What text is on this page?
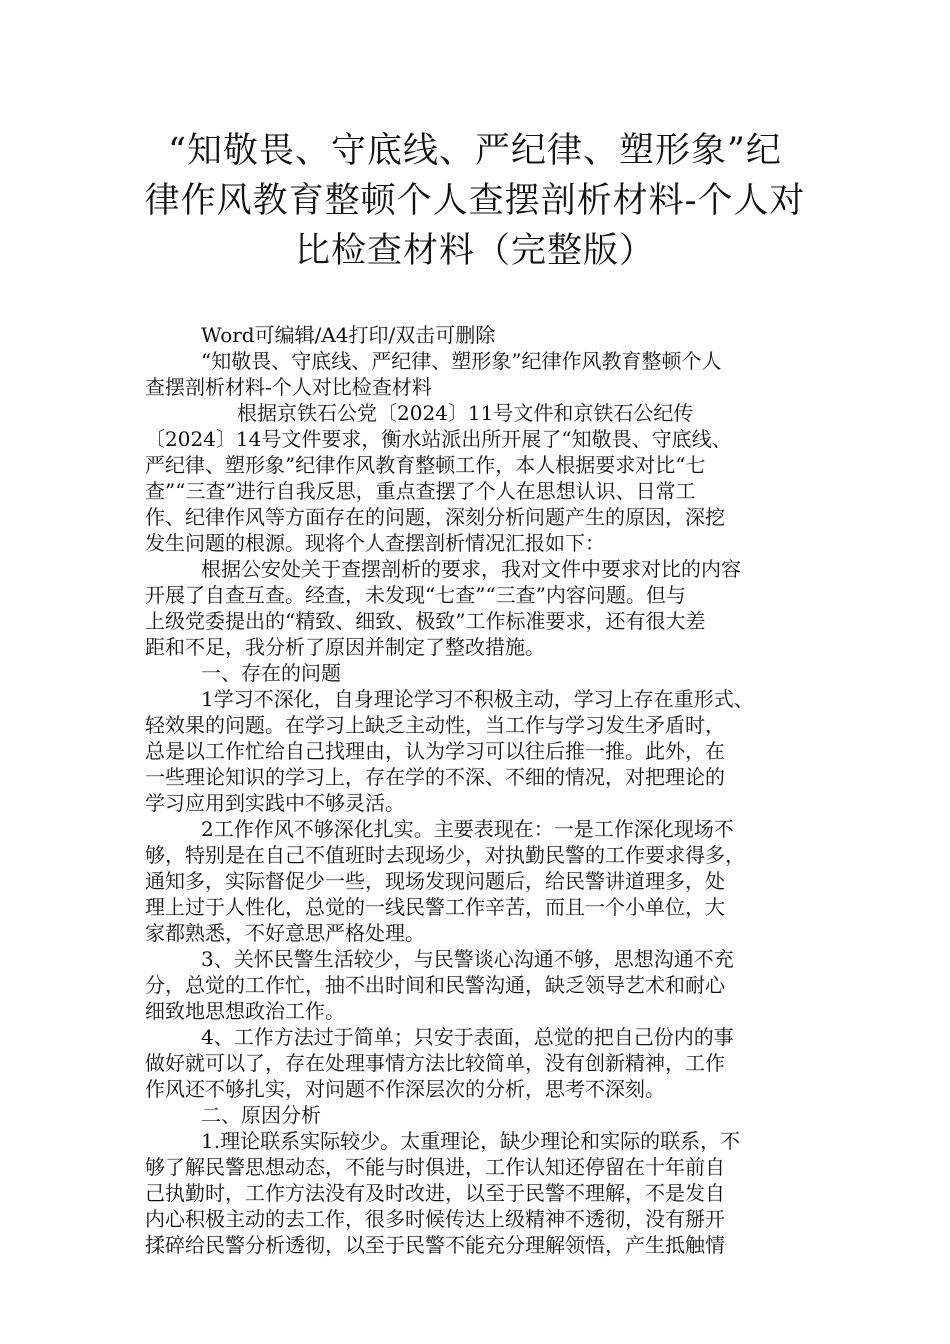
“知敬畏、守底线、严纪律、塑形象”纪
律作风教育整顿个人查摆剖析材料-个人对
比检查材料（完整版）

Word可编辑/A4打印/双击可删除

“知敬畏、守底线、严纪律、塑形象”纪律作风教育整顿个人

查摆剖析材料-个人对比检查材料

根据京铁石公党〔2024〕11号文件和京铁石公纪传

〔2024〕14号文件要求，衡水站派出所开展了“知敬畏、守底线、

严纪律、塑形象”纪律作风教育整顿工作，本人根据要求对比“七

查”“三查”进行自我反思，重点查摆了个人在思想认识、日常工

作、纪律作风等方面存在的问题，深刻分析问题产生的原因，深挖

发生问题的根源。现将个人查摆剖析情况汇报如下：

根据公安处关于查摆剖析的要求，我对文件中要求对比的内容

开展了自查互查。经查，未发现“七查”“三查”内容问题。但与

上级党委提出的“精致、细致、极致”工作标准要求，还有很大差

距和不足，我分析了原因并制定了整改措施。

一、存在的问题

1学习不深化，自身理论学习不积极主动，学习上存在重形式、

轻效果的问题。在学习上缺乏主动性，当工作与学习发生矛盾时，

总是以工作忙给自己找理由，认为学习可以往后推一推。此外，在

一些理论知识的学习上，存在学的不深、不细的情况，对把理论的

学习应用到实践中不够灵活。

2工作作风不够深化扎实。主要表现在：一是工作深化现场不

够，特别是在自己不值班时去现场少，对执勤民警的工作要求得多，

通知多，实际督促少一些，现场发现问题后，给民警讲道理多，处

理上过于人性化，总觉的一线民警工作辛苦，而且一个小单位，大

家都熟悉，不好意思严格处理。

3、关怀民警生活较少，与民警谈心沟通不够，思想沟通不充

分，总觉的工作忙，抽不出时间和民警沟通，缺乏领导艺术和耐心

细致地思想政治工作。

4、工作方法过于简单；只安于表面，总觉的把自己份内的事

做好就可以了，存在处理事情方法比较简单，没有创新精神，工作

作风还不够扎实，对问题不作深层次的分析，思考不深刻。

二、原因分析

1.理论联系实际较少。太重理论，缺少理论和实际的联系，不

够了解民警思想动态，不能与时俱进，工作认知还停留在十年前自

己执勤时，工作方法没有及时改进，以至于民警不理解，不是发自

内心积极主动的去工作，很多时候传达上级精神不透彻，没有掰开

揉碎给民警分析透彻，以至于民警不能充分理解领悟，产生抵触情
